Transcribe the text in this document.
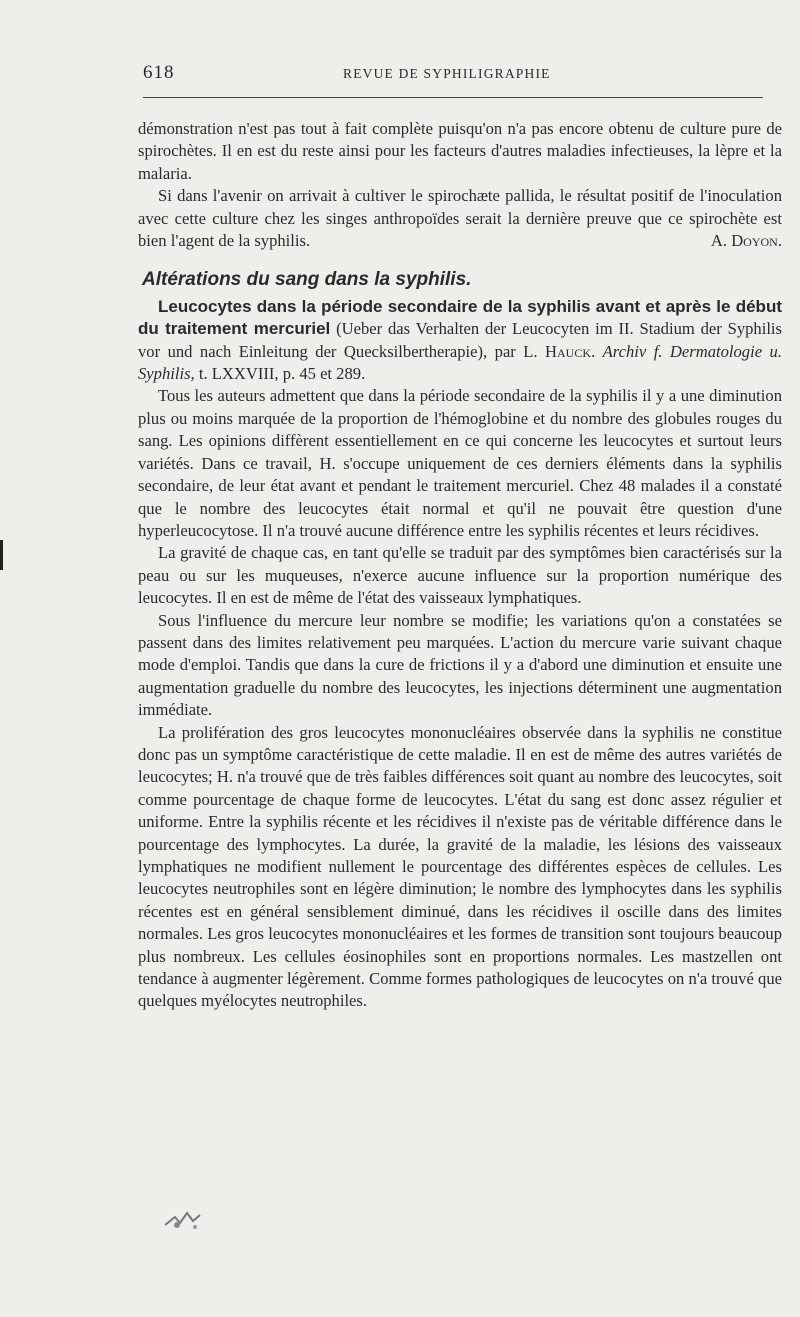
618	REVUE DE SYPHILIGRAPHIE

démonstration n'est pas tout à fait complète puisqu'on n'a pas encore obtenu de culture pure de spirochètes. Il en est du reste ainsi pour les facteurs d'autres maladies infectieuses, la lèpre et la malaria.

Si dans l'avenir on arrivait à cultiver le spirochæte pallida, le résultat positif de l'inoculation avec cette culture chez les singes anthropoïdes serait la dernière preuve que ce spirochète est bien l'agent de la syphilis.	A. Doyon.

Altérations du sang dans la syphilis.

Leucocytes dans la période secondaire de la syphilis avant et après le début du traitement mercuriel (Ueber das Verhalten der Leucocyten im II. Stadium der Syphilis vor und nach Einleitung der Quecksilbertherapie), par L. Hauck. Archiv f. Dermatologie u. Syphilis, t. LXXVIII, p. 45 et 289.

Tous les auteurs admettent que dans la période secondaire de la syphilis il y a une diminution plus ou moins marquée de la proportion de l'hémoglobine et du nombre des globules rouges du sang. Les opinions diffèrent essentiellement en ce qui concerne les leucocytes et surtout leurs variétés. Dans ce travail, H. s'occupe uniquement de ces derniers éléments dans la syphilis secondaire, de leur état avant et pendant le traitement mercuriel. Chez 48 malades il a constaté que le nombre des leucocytes était normal et qu'il ne pouvait être question d'une hyperleucocytose. Il n'a trouvé aucune différence entre les syphilis récentes et leurs récidives.

La gravité de chaque cas, en tant qu'elle se traduit par des symptômes bien caractérisés sur la peau ou sur les muqueuses, n'exerce aucune influence sur la proportion numérique des leucocytes. Il en est de même de l'état des vaisseaux lymphatiques.

Sous l'influence du mercure leur nombre se modifie; les variations qu'on a constatées se passent dans des limites relativement peu marquées. L'action du mercure varie suivant chaque mode d'emploi. Tandis que dans la cure de frictions il y a d'abord une diminution et ensuite une augmentation graduelle du nombre des leucocytes, les injections déterminent une augmentation immédiate.

La prolifération des gros leucocytes mononucléaires observée dans la syphilis ne constitue donc pas un symptôme caractéristique de cette maladie. Il en est de même des autres variétés de leucocytes; H. n'a trouvé que de très faibles différences soit quant au nombre des leucocytes, soit comme pourcentage de chaque forme de leucocytes. L'état du sang est donc assez régulier et uniforme. Entre la syphilis récente et les récidives il n'existe pas de véritable différence dans le pourcentage des lymphocytes. La durée, la gravité de la maladie, les lésions des vaisseaux lymphatiques ne modifient nullement le pourcentage des différentes espèces de cellules. Les leucocytes neutrophiles sont en légère diminution; le nombre des lymphocytes dans les syphilis récentes est en général sensiblement diminué, dans les récidives il oscille dans des limites normales. Les gros leucocytes mononucléaires et les formes de transition sont toujours beaucoup plus nombreux. Les cellules éosinophiles sont en proportions normales. Les mastzellen ont tendance à augmenter légèrement. Comme formes pathologiques de leucocytes on n'a trouvé que quelques myélocytes neutrophiles.
